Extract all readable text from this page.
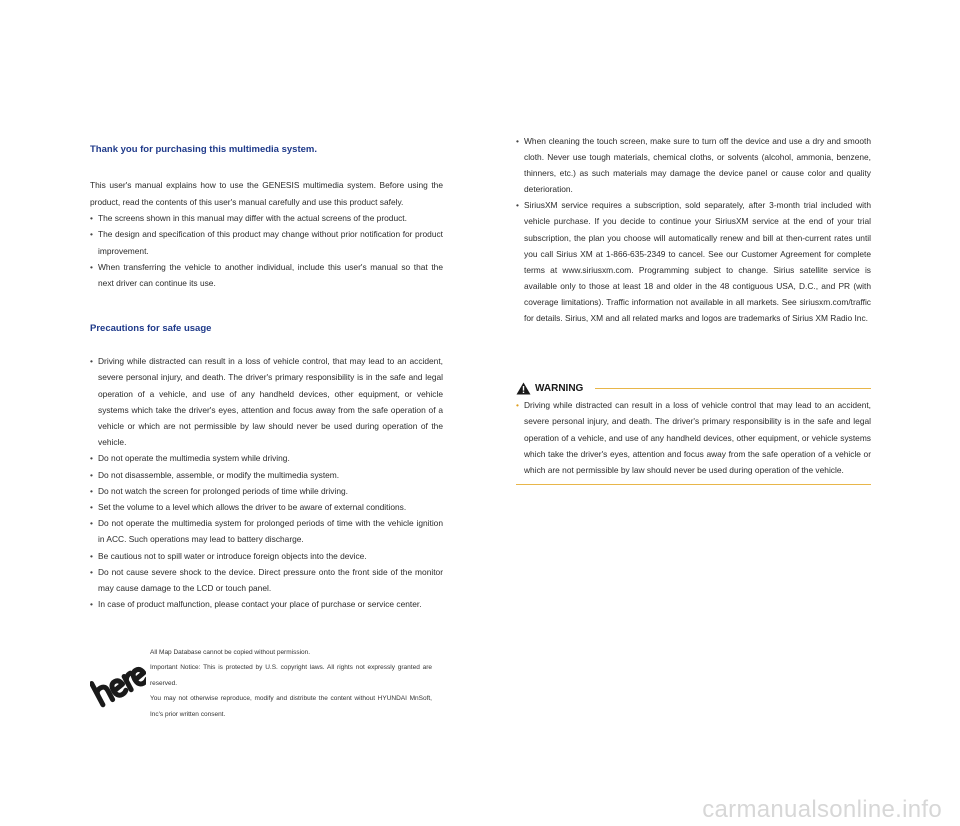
Thank you for purchasing this multimedia system.

This user's manual explains how to use the GENESIS multimedia system. Before using the product, read the contents of this user's manual carefully and use this product safely.

• The screens shown in this manual may differ with the actual screens of the product.
• The design and specification of this product may change without prior notification for product improvement.
• When transferring the vehicle to another individual, include this user's manual so that the next driver can continue its use.
Precautions for safe usage
• Driving while distracted can result in a loss of vehicle control, that may lead to an accident, severe personal injury, and death. The driver's primary responsibility is in the safe and legal operation of a vehicle, and use of any handheld devices, other equipment, or vehicle systems which take the driver's eyes, attention and focus away from the safe operation of a vehicle or which are not permissible by law should never be used during operation of the vehicle.
• Do not operate the multimedia system while driving.
• Do not disassemble, assemble, or modify the multimedia system.
• Do not watch the screen for prolonged periods of time while driving.
• Set the volume to a level which allows the driver to be aware of external conditions.
• Do not operate the multimedia system for prolonged periods of time with the vehicle ignition in ACC. Such operations may lead to battery discharge.
• Be cautious not to spill water or introduce foreign objects into the device.
• Do not cause severe shock to the device. Direct pressure onto the front side of the monitor may cause damage to the LCD or touch panel.
• In case of product malfunction, please contact your place of purchase or service center.
• When cleaning the touch screen, make sure to turn off the device and use a dry and smooth cloth. Never use tough materials, chemical cloths, or solvents (alcohol, ammonia, benzene, thinners, etc.) as such materials may damage the device panel or cause color and quality deterioration.
• SiriusXM service requires a subscription, sold separately, after 3-month trial included with vehicle purchase. If you decide to continue your SiriusXM service at the end of your trial subscription, the plan you choose will automatically renew and bill at then-current rates until you call Sirius XM at 1-866-635-2349 to cancel. See our Customer Agreement for complete terms at www.siriusxm.com. Programming subject to change. Sirius satellite service is available only to those at least 18 and older in the 48 contiguous USA, D.C., and PR (with coverage limitations). Traffic information not available in all markets. See siriusxm.com/traffic for details. Sirius, XM and all related marks and logos are trademarks of Sirius XM Radio Inc.
WARNING
• Driving while distracted can result in a loss of vehicle control that may lead to an accident, severe personal injury, and death. The driver's primary responsibility is in the safe and legal operation of a vehicle, and use of any handheld devices, other equipment, or vehicle systems which take the driver's eyes, attention and focus away from the safe operation of a vehicle or which are not permissible by law should never be used during operation of the vehicle.

All Map Database cannot be copied without permission.

Important Notice: This is protected by U.S. copyright laws. All rights not expressly granted are reserved.

You may not otherwise reproduce, modify and distribute the content without HYUNDAI MnSoft, Inc's prior written consent.

carmanualsonline.info
